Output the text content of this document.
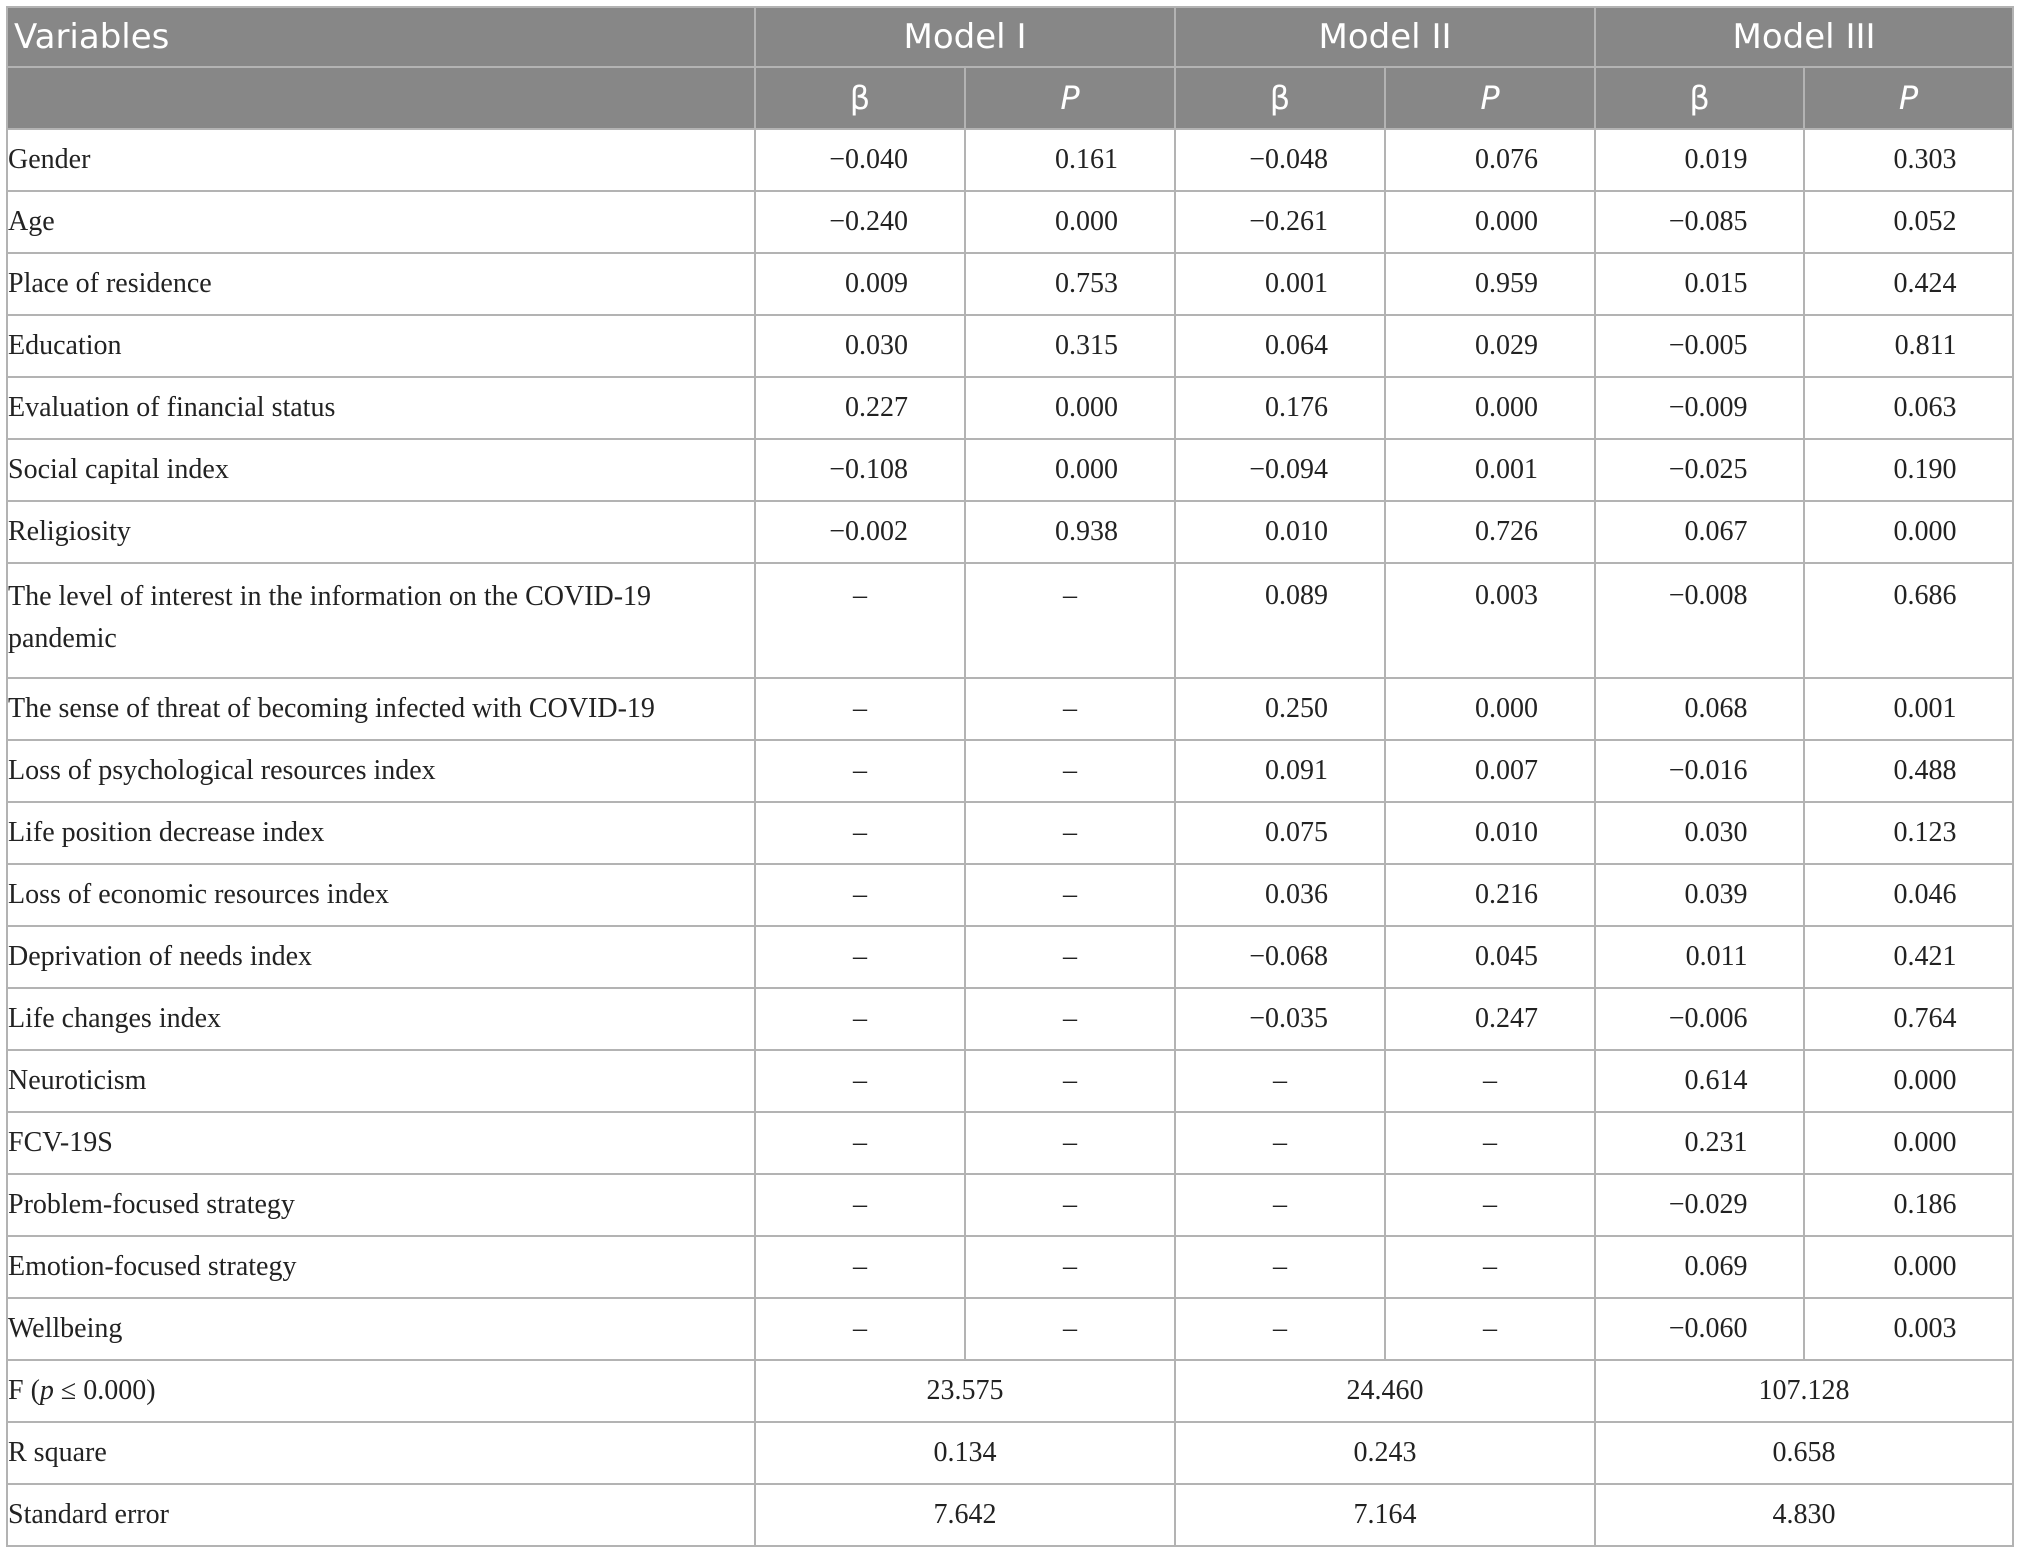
Variables	Model I		Model II		Model III	
	β	P	β	P	β	P
Gender	−0.040	0.161	−0.048	0.076	0.019	0.303
Age	−0.240	0.000	−0.261	0.000	−0.085	0.052
Place of residence	0.009	0.753	0.001	0.959	0.015	0.424
Education	0.030	0.315	0.064	0.029	−0.005	0.811
Evaluation of financial status	0.227	0.000	0.176	0.000	−0.009	0.063
Social capital index	−0.108	0.000	−0.094	0.001	−0.025	0.190
Religiosity	−0.002	0.938	0.010	0.726	0.067	0.000
The level of interest in the information on the COVID-19 pandemic	–	–	0.089	0.003	−0.008	0.686
The sense of threat of becoming infected with COVID-19	–	–	0.250	0.000	0.068	0.001
Loss of psychological resources index	–	–	0.091	0.007	−0.016	0.488
Life position decrease index	–	–	0.075	0.010	0.030	0.123
Loss of economic resources index	–	–	0.036	0.216	0.039	0.046
Deprivation of needs index	–	–	−0.068	0.045	0.011	0.421
Life changes index	–	–	−0.035	0.247	−0.006	0.764
Neuroticism	–	–	–	–	0.614	0.000
FCV-19S	–	–	–	–	0.231	0.000
Problem-focused strategy	–	–	–	–	−0.029	0.186
Emotion-focused strategy	–	–	–	–	0.069	0.000
Wellbeing	–	–	–	–	−0.060	0.003
F (p ≤ 0.000)	23.575		24.460		107.128	
R square	0.134		0.243		0.658	
Standard error	7.642		7.164		4.830	
